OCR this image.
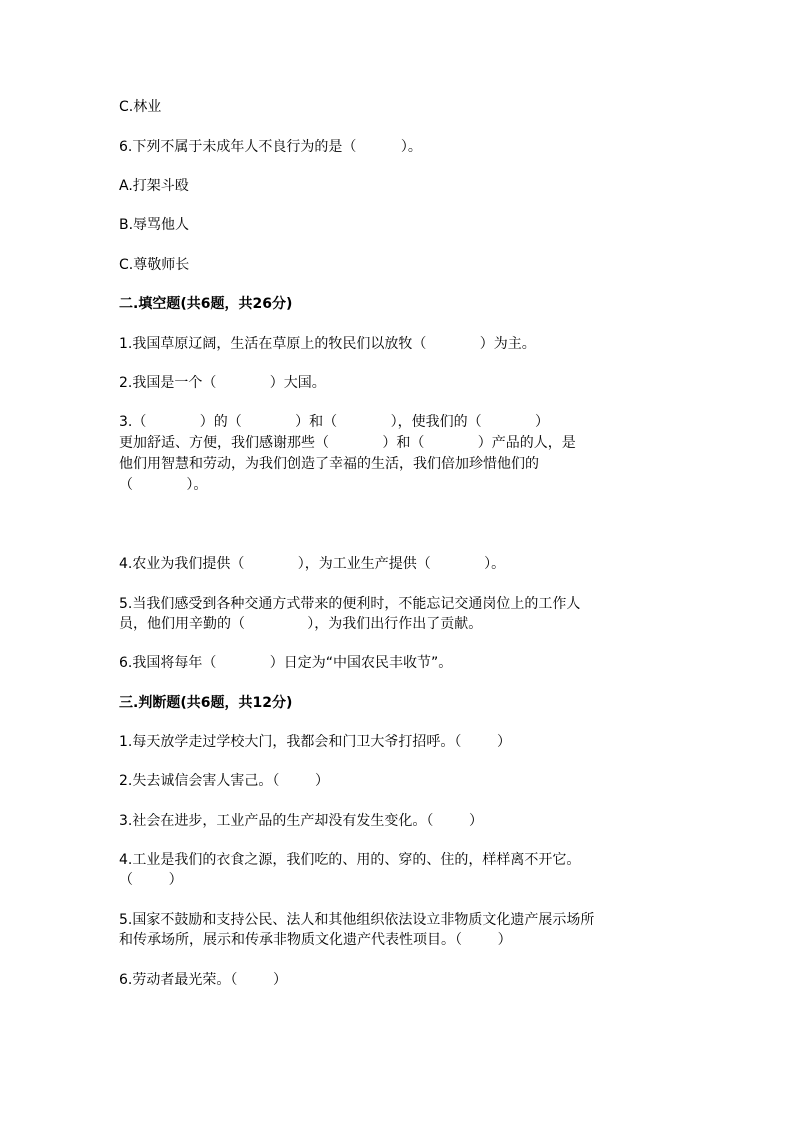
C.林业
6.下列不属于未成年人不良行为的是（          ）。
A.打架斗殴
B.辱骂他人
C.尊敬师长
二.填空题(共6题，共26分)
1.我国草原辽阔，生活在草原上的牧民们以放牧（            ）为主。
2.我国是一个（            ）大国。
3.（            ）的（            ）和（            ），使我们的（            ）
更加舒适、方便，我们感谢那些（            ）和（            ）产品的人，是
他们用智慧和劳动，为我们创造了幸福的生活，我们倍加珍惜他们的
（            ）。
4.农业为我们提供（            ），为工业生产提供（            ）。
5.当我们感受到各种交通方式带来的便利时，不能忘记交通岗位上的工作人
员，他们用辛勤的（              ），为我们出行作出了贡献。
6.我国将每年（            ）日定为“中国农民丰收节”。
三.判断题(共6题，共12分)
1.每天放学走过学校大门，我都会和门卫大爷打招呼。（        ）
2.失去诚信会害人害己。（        ）
3.社会在进步，工业产品的生产却没有发生变化。（        ）
4.工业是我们的衣食之源，我们吃的、用的、穿的、住的，样样离不开它。
（        ）
5.国家不鼓励和支持公民、法人和其他组织依法设立非物质文化遗产展示场所
和传承场所，展示和传承非物质文化遗产代表性项目。（        ）
6.劳动者最光荣。（        ）
